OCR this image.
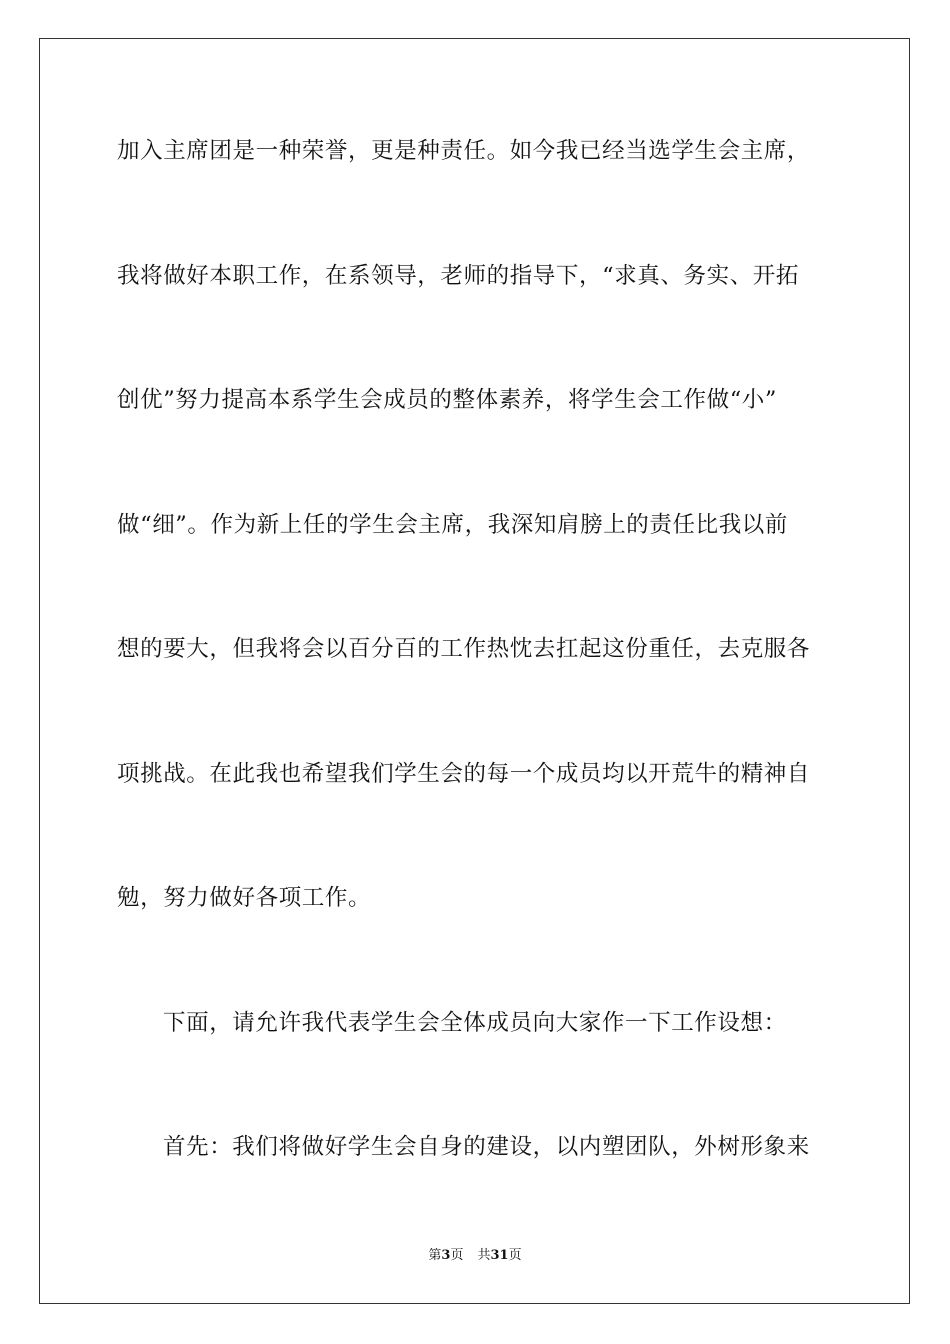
加入主席团是一种荣誉，更是种责任。如今我已经当选学生会主席，
我将做好本职工作，在系领导，老师的指导下，“求真、务实、开拓
创优”努力提高本系学生会成员的整体素养，将学生会工作做“小”
做“细”。作为新上任的学生会主席，我深知肩膀上的责任比我以前
想的要大，但我将会以百分百的工作热忱去扛起这份重任，去克服各
项挑战。在此我也希望我们学生会的每一个成员均以开荒牛的精神自
勉，努力做好各项工作。
下面，请允许我代表学生会全体成员向大家作一下工作设想：
首先：我们将做好学生会自身的建设，以内塑团队，外树形象来
第3页 共31页
